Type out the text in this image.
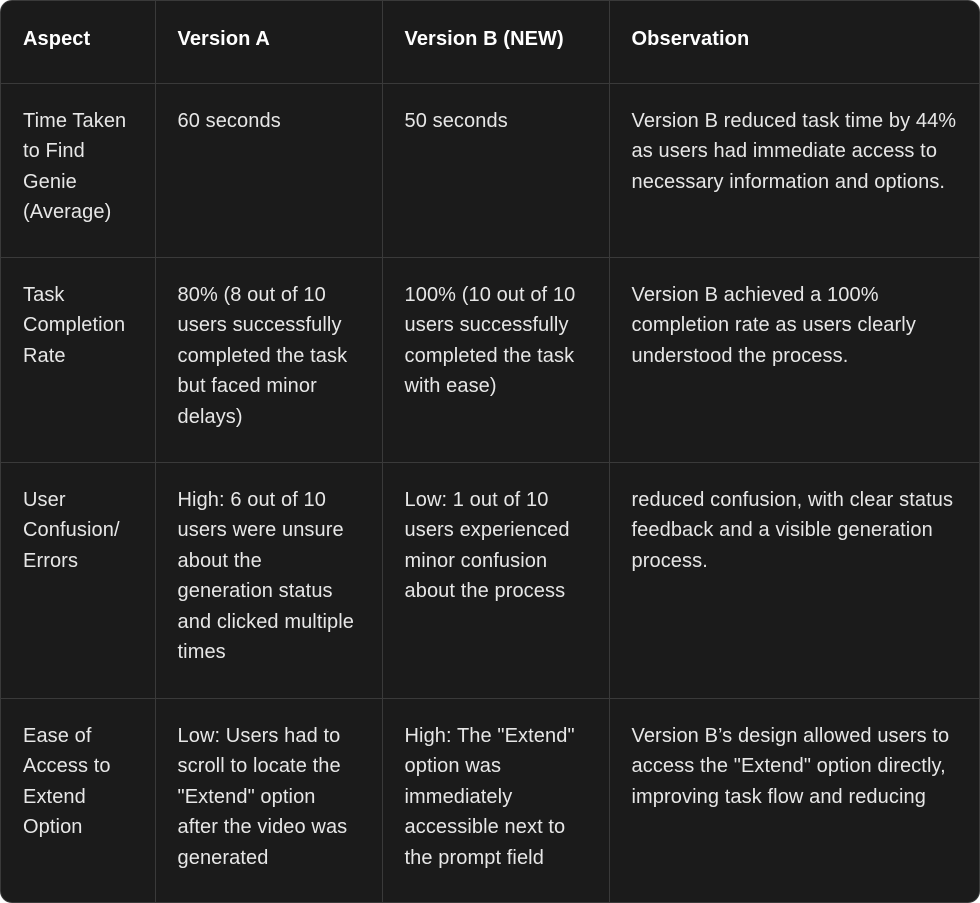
Aspect	Version A	Version B (NEW)	Observation
Time Taken to Find Genie (Average)	60 seconds	50 seconds	Version B reduced task time by 44% as users had immediate access to necessary information and options.
Task Completion Rate	80% (8 out of 10 users successfully completed the task but faced minor delays)	100% (10 out of 10 users successfully completed the task with ease)	Version B achieved a 100% completion rate as users clearly understood the process.
User Confusion/ Errors	High: 6 out of 10 users were unsure about the generation status and clicked multiple times	Low: 1 out of 10 users experienced minor confusion about the process	reduced confusion, with clear status feedback and a visible generation process.
Ease of Access to Extend Option	Low: Users had to scroll to locate the "Extend" option after the video was generated	High: The "Extend" option was immediately accessible next to the prompt field	Version B’s design allowed users to access the "Extend" option directly, improving task flow and reducing
